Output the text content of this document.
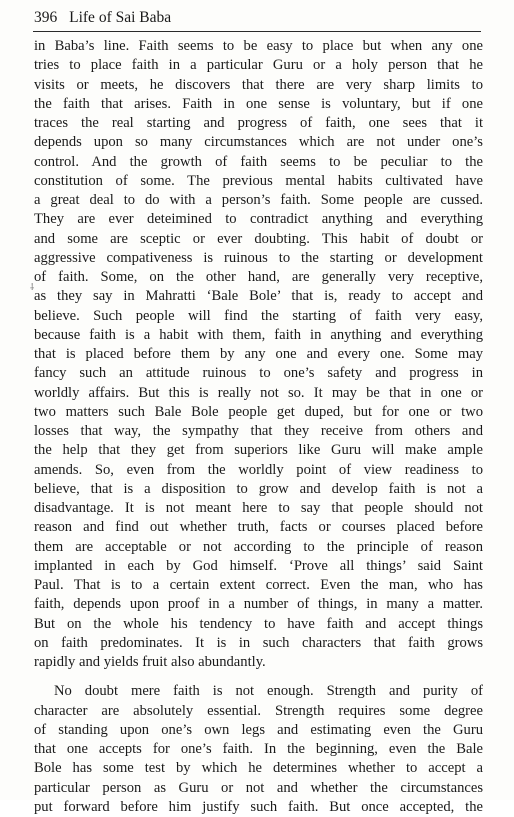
396 Life of Sai Baba
⸸
in Baba’s line. Faith seems to be easy to place but when any one
tries to place faith in a particular Guru or a holy person that he
visits or meets, he discovers that there are very sharp limits to
the faith that arises. Faith in one sense is voluntary, but if one
traces the real starting and progress of faith, one sees that it
depends upon so many circumstances which are not under one’s
control. And the growth of faith seems to be peculiar to the
constitution of some. The previous mental habits cultivated have
a great deal to do with a person’s faith. Some people are cussed.
They are ever deteimined to contradict anything and everything
and some are sceptic or ever doubting. This habit of doubt or
aggressive compativeness is ruinous to the starting or development
of faith. Some, on the other hand, are generally very receptive,
as they say in Mahratti ‘Bale Bole’ that is, ready to accept and
believe. Such people will find the starting of faith very easy,
because faith is a habit with them, faith in anything and everything
that is placed before them by any one and every one. Some may
fancy such an attitude ruinous to one’s safety and progress in
worldly affairs. But this is really not so. It may be that in one or
two matters such Bale Bole people get duped, but for one or two
losses that way, the sympathy that they receive from others and
the help that they get from superiors like Guru will make ample
amends. So, even from the worldly point of view readiness to
believe, that is a disposition to grow and develop faith is not a
disadvantage. It is not meant here to say that people should not
reason and find out whether truth, facts or courses placed before
them are acceptable or not according to the principle of reason
implanted in each by God himself. ‘Prove all things’ said Saint
Paul. That is to a certain extent correct. Even the man, who has
faith, depends upon proof in a number of things, in many a matter.
But on the whole his tendency to have faith and accept things
on faith predominates. It is in such characters that faith grows
rapidly and yields fruit also abundantly.
No doubt mere faith is not enough. Strength and purity of
character are absolutely essential. Strength requires some degree
of standing upon one’s own legs and estimating even the Guru
that one accepts for one’s faith. In the beginning, even the Bale
Bole has some test by which he determines whether to accept a
particular person as Guru or not and whether the circumstances
put forward before him justify such faith. But once accepted, the
